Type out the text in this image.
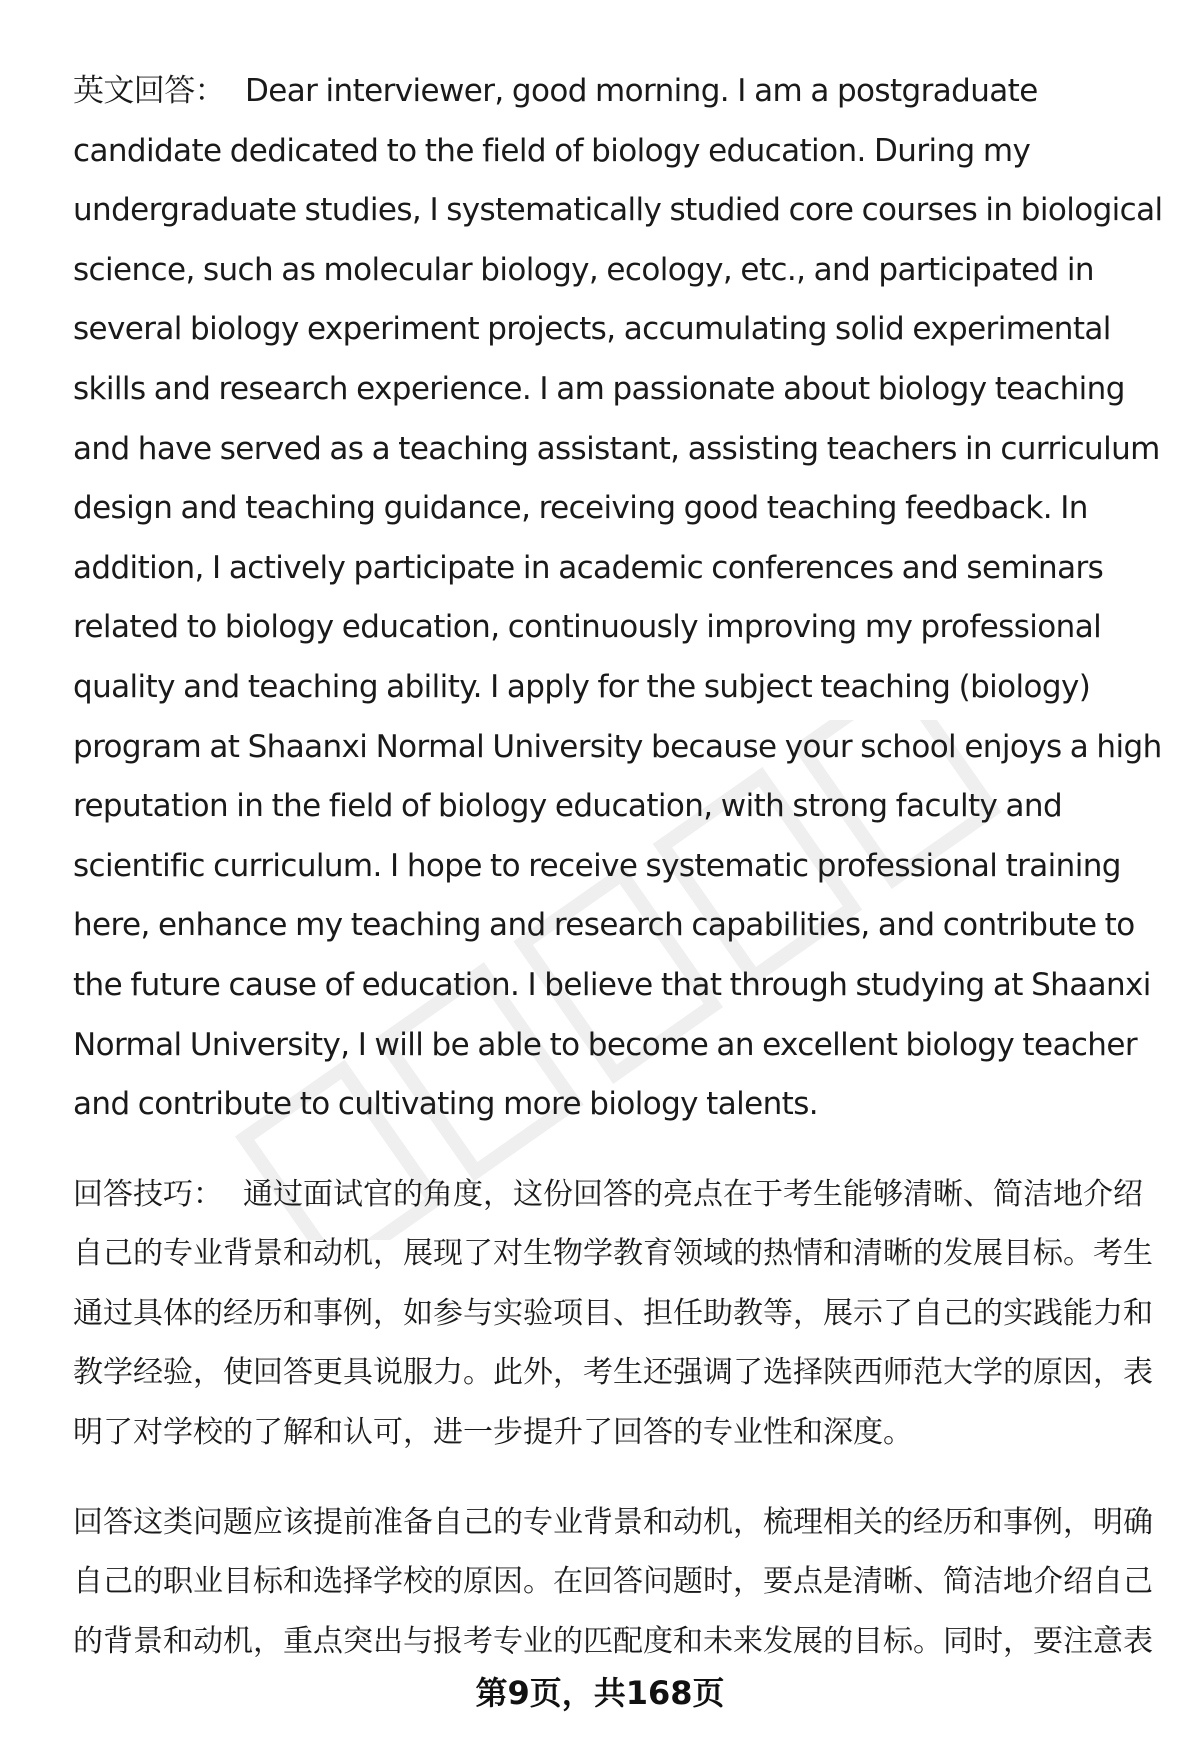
英文回答： Dear interviewer, good morning. I am a postgraduate candidate dedicated to the field of biology education. During my undergraduate studies, I systematically studied core courses in biological science, such as molecular biology, ecology, etc., and participated in several biology experiment projects, accumulating solid experimental skills and research experience. I am passionate about biology teaching and have served as a teaching assistant, assisting teachers in curriculum design and teaching guidance, receiving good teaching feedback. In addition, I actively participate in academic conferences and seminars related to biology education, continuously improving my professional quality and teaching ability. I apply for the subject teaching (biology) program at Shaanxi Normal University because your school enjoys a high reputation in the field of biology education, with strong faculty and scientific curriculum. I hope to receive systematic professional training here, enhance my teaching and research capabilities, and contribute to the future cause of education. I believe that through studying at Shaanxi Normal University, I will be able to become an excellent biology teacher and contribute to cultivating more biology talents.

回答技巧： 通过面试官的角度，这份回答的亮点在于考生能够清晰、简洁地介绍自己的专业背景和动机，展现了对生物学教育领域的热情和清晰的发展目标。考生通过具体的经历和事例，如参与实验项目、担任助教等，展示了自己的实践能力和教学经验，使回答更具说服力。此外，考生还强调了选择陕西师范大学的原因，表明了对学校的了解和认可，进一步提升了回答的专业性和深度。

回答这类问题应该提前准备自己的专业背景和动机，梳理相关的经历和事例，明确自己的职业目标和选择学校的原因。在回答问题时，要点是清晰、简洁地介绍自己的背景和动机，重点突出与报考专业的匹配度和未来发展的目标。同时，要注意表

第9页，共168页
